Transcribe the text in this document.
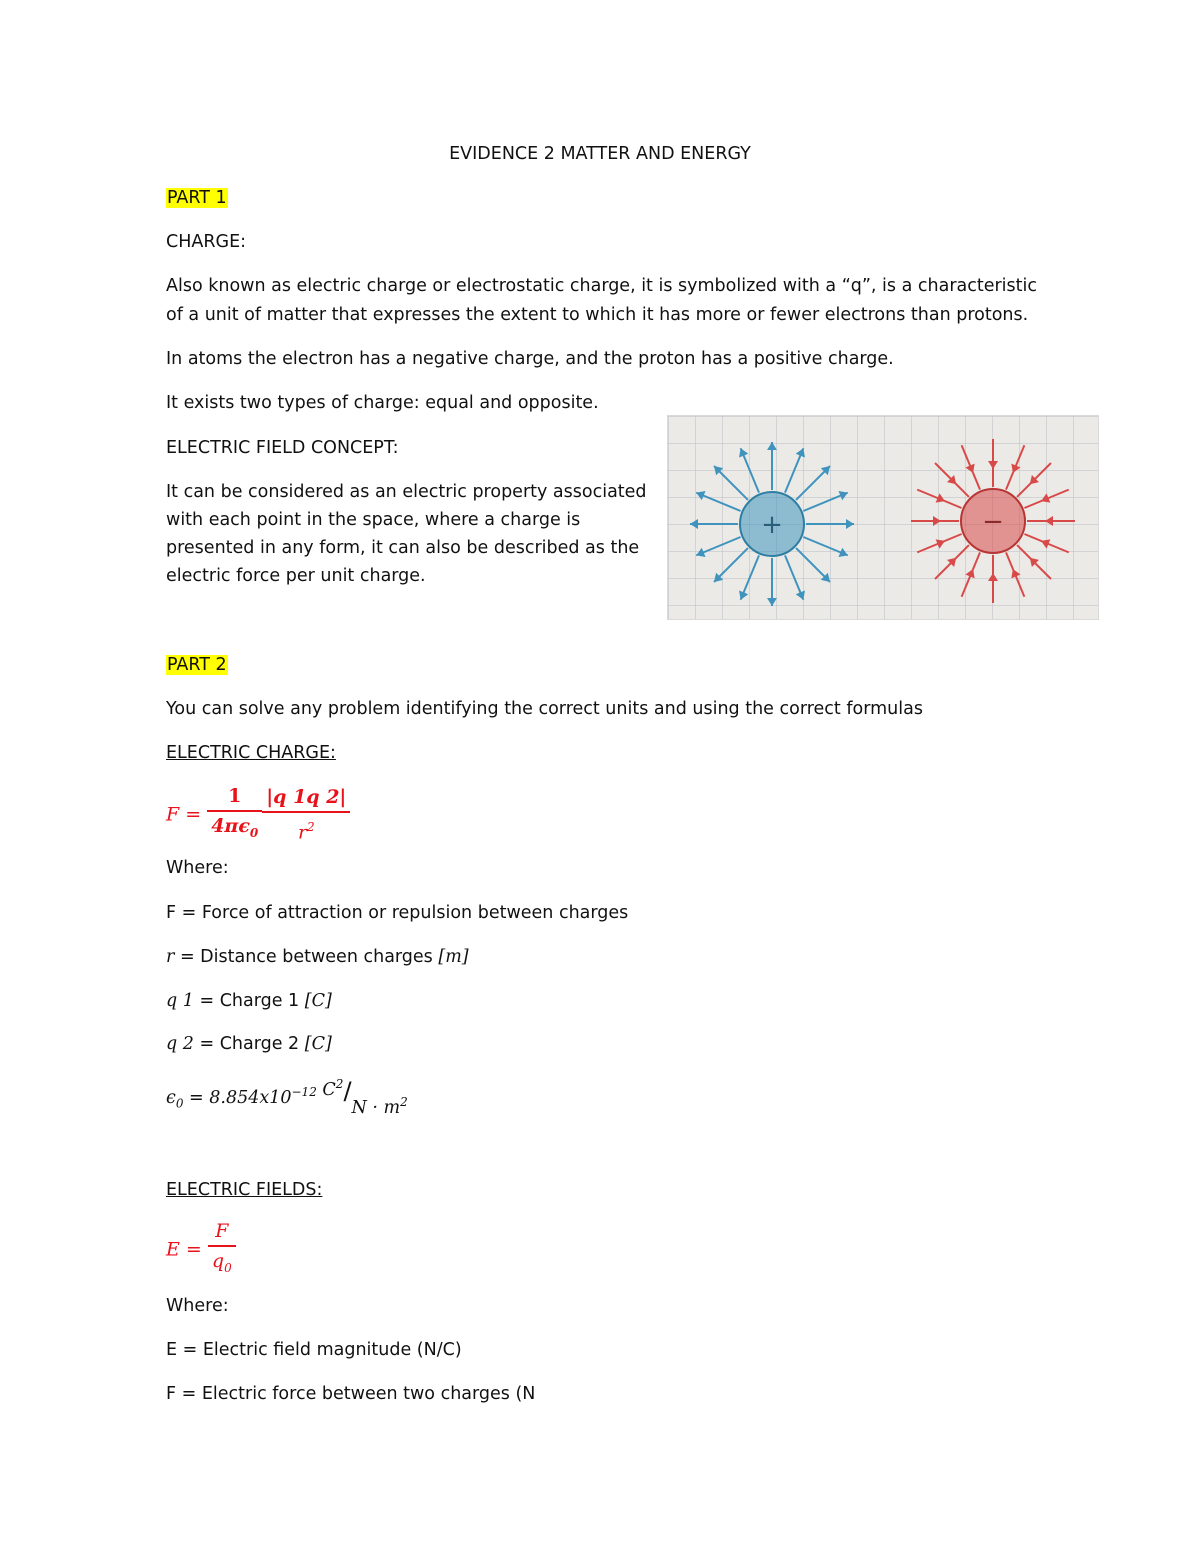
EVIDENCE 2 MATTER AND ENERGY
PART 1
CHARGE:
Also known as electric charge or electrostatic charge, it is symbolized with a “q”, is a characteristic
of a unit of matter that expresses the extent to which it has more or fewer electrons than protons.
In atoms the electron has a negative charge, and the proton has a positive charge.
It exists two types of charge: equal and opposite.
ELECTRIC FIELD CONCEPT:
It can be considered as an electric property associated
with each point in the space, where a charge is
presented in any form, it can also be described as the
electric force per unit charge.
+	−
PART 2
You can solve any problem identifying the correct units and using the correct formulas
ELECTRIC CHARGE:
$F = \frac{1}{4\pi\epsilon_0} \frac{|q 1q 2|}{r^2}$
Where:
F = Force of attraction or repulsion between charges
r = Distance between charges [m]
q 1 = Charge 1 [C]
q 2 = Charge 2 [C]
$\epsilon_0 = 8.854x10^{-12}$ $C^2/N \cdot m^2$
ELECTRIC FIELDS:
$E = \frac{F}{q_0}$
Where:
E = Electric field magnitude (N/C)
F = Electric force between two charges (N
